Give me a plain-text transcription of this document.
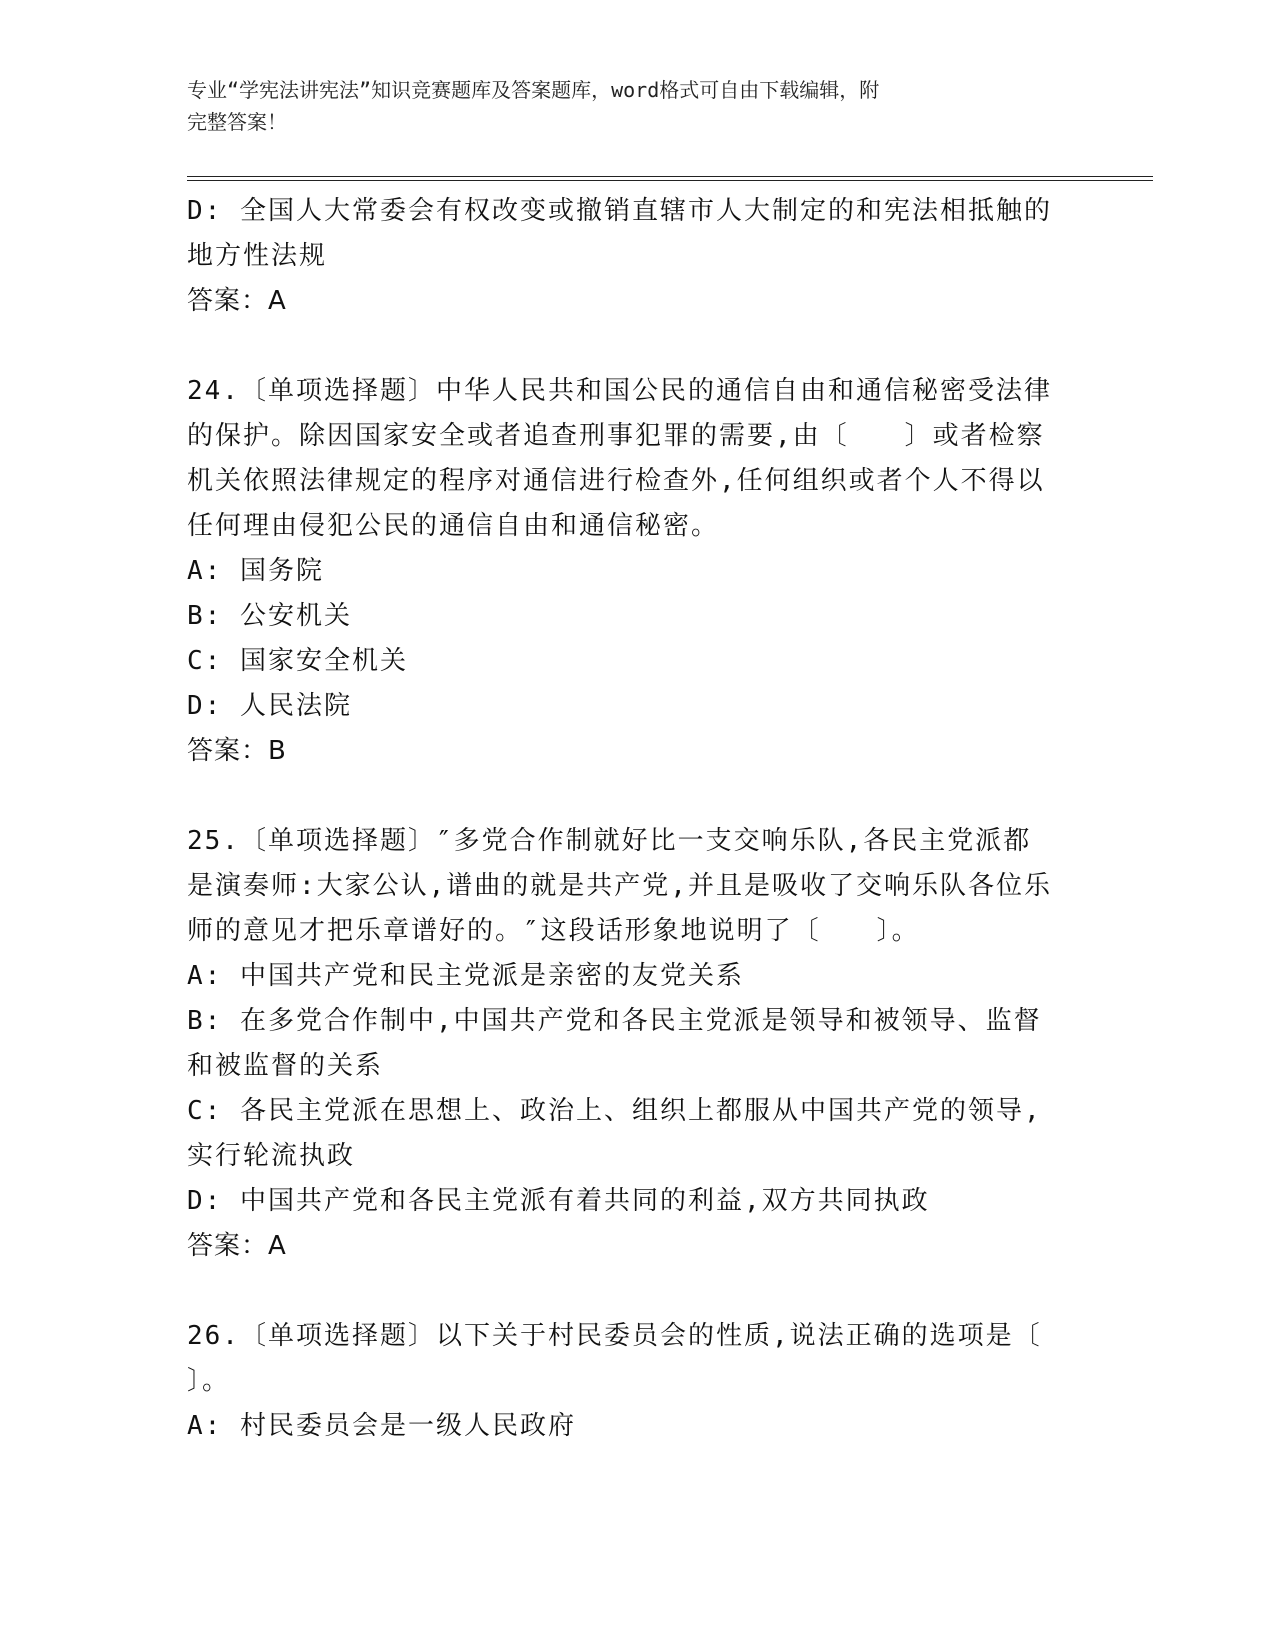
专业“学宪法讲宪法”知识竞赛题库及答案题库，word格式可自由下载编辑，附
完整答案！
D: 全国人大常委会有权改变或撤销直辖市人大制定的和宪法相抵触的
地方性法规
答案：A
24.〔单项选择题〕中华人民共和国公民的通信自由和通信秘密受法律
的保护。除因国家安全或者追查刑事犯罪的需要,由〔　　〕或者检察
机关依照法律规定的程序对通信进行检查外,任何组织或者个人不得以
任何理由侵犯公民的通信自由和通信秘密。
A: 国务院
B: 公安机关
C: 国家安全机关
D: 人民法院
答案：B
25.〔单项选择题〕″多党合作制就好比一支交响乐队,各民主党派都
是演奏师:大家公认,谱曲的就是共产党,并且是吸收了交响乐队各位乐
师的意见才把乐章谱好的。″这段话形象地说明了〔　　〕。
A: 中国共产党和民主党派是亲密的友党关系
B: 在多党合作制中,中国共产党和各民主党派是领导和被领导、监督
和被监督的关系
C: 各民主党派在思想上、政治上、组织上都服从中国共产党的领导,
实行轮流执政
D: 中国共产党和各民主党派有着共同的利益,双方共同执政
答案：A
26.〔单项选择题〕以下关于村民委员会的性质,说法正确的选项是〔
〕。
A: 村民委员会是一级人民政府
